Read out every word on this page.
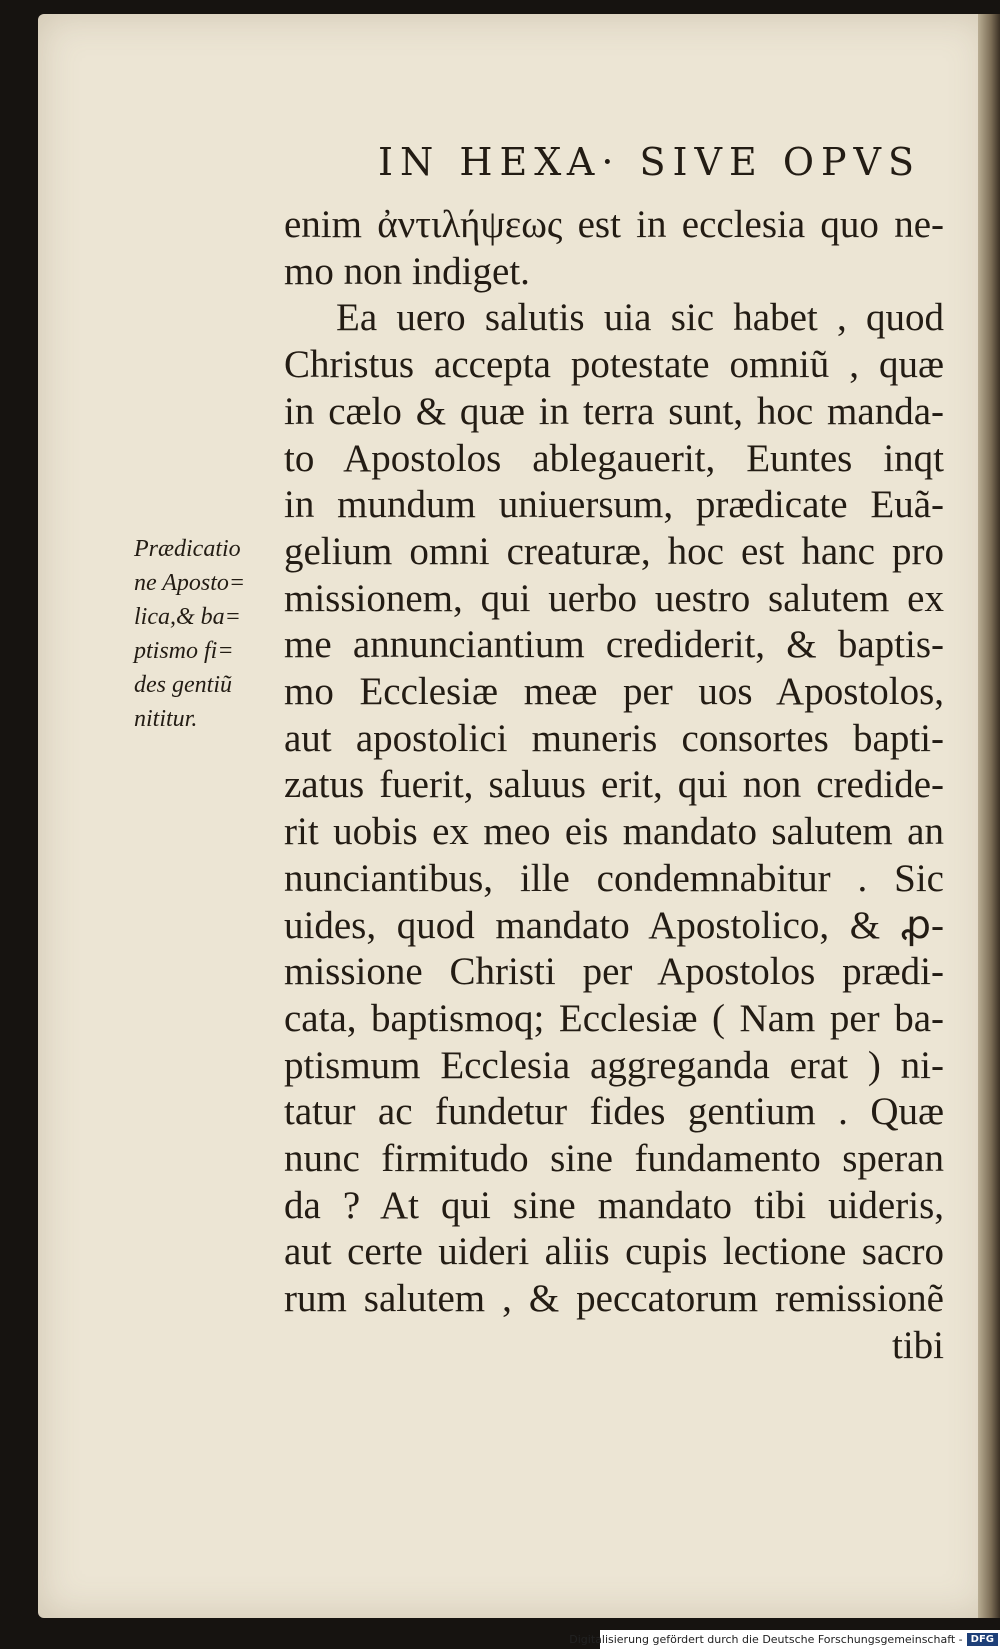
IN HEXA· SIVE OPVS
enim ἀντιλήψεως est in ecclesia quo ne-
mo non indiget.
Ea uero salutis uia sic habet , quod
Christus accepta potestate omniũ , quæ
in cælo & quæ in terra sunt, hoc manda-
to Apostolos ablegauerit, Euntes inqt
in mundum uniuersum, prædicate Euã-
gelium omni creaturæ, hoc est hanc pro
missionem, qui uerbo uestro salutem ex
me annunciantium crediderit, & baptis-
mo Ecclesiæ meæ per uos Apostolos,
aut apostolici muneris consortes bapti-
zatus fuerit, saluus erit, qui non credide-
rit uobis ex meo eis mandato salutem an
nunciantibus, ille condemnabitur . Sic
uides, quod mandato Apostolico, & ꝓ-
missione Christi per Apostolos prædi-
cata, baptismoq; Ecclesiæ ( Nam per ba-
ptismum Ecclesia aggreganda erat ) ni-
tatur ac fundetur fides gentium . Quæ
nunc firmitudo sine fundamento speran
da ? At qui sine mandato tibi uideris,
aut certe uideri aliis cupis lectione sacro
rum salutem , & peccatorum remissionẽ
tibi
Prædicatio
ne Aposto=
lica,& ba=
ptismo fi=
des gentiũ
nititur.
Digitalisierung gefördert durch die Deutsche Forschungsgemeinschaft - DFG
